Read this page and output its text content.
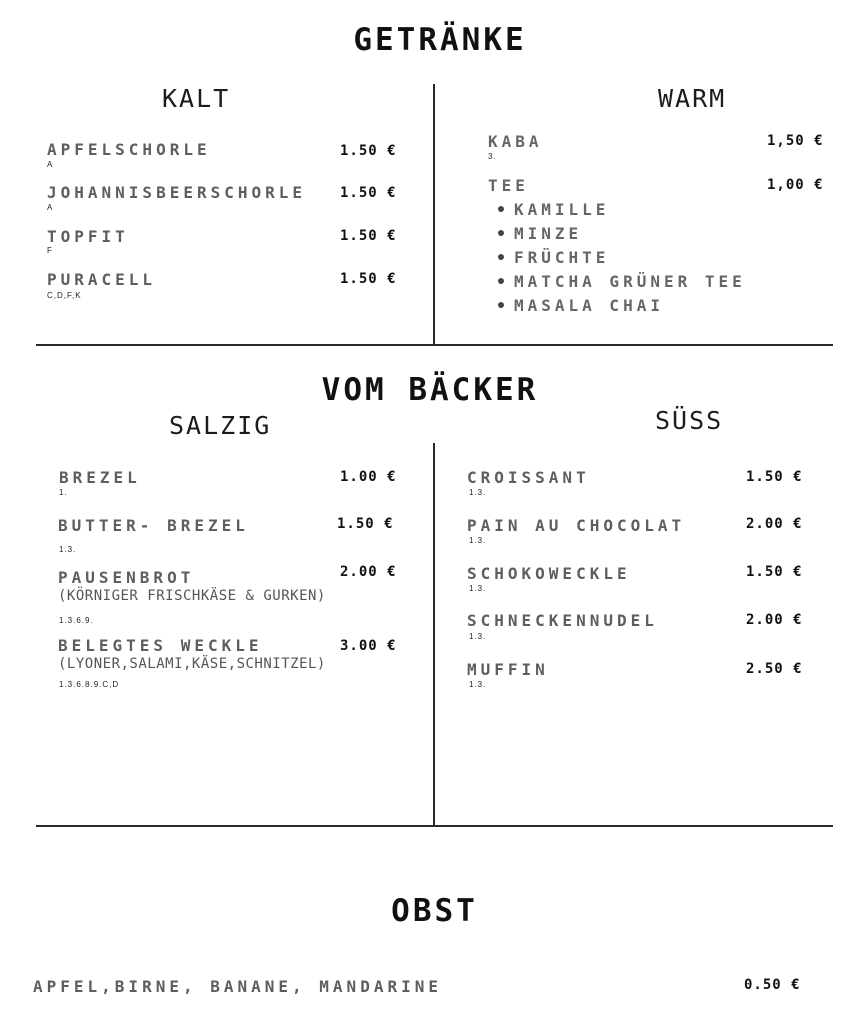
GETRÄNKE
KALT	WARM
APFELSCHORLE
A
1.50 €
JOHANNISBEERSCHORLE
A
1.50 €
TOPFIT
F
1.50 €
PURACELL
C,D,F,K
1.50 €
KABA
3.
1,50 €
TEE	1,00 €
KAMILLE
MINZE
FRÜCHTE
MATCHA GRÜNER TEE
MASALA CHAI
VOM BÄCKER
SALZIG	SÜSS
BREZEL
1.
1.00 €
BUTTER- BREZEL
1.3.
1.50 €
PAUSENBROT
(KÖRNIGER FRISCHKÄSE & GURKEN)
1.3.6.9.
2.00 €
BELEGTES WECKLE
(LYONER,SALAMI,KÄSE,SCHNITZEL)
1.3.6.8.9.C,D
3.00 €
CROISSANT
1.3.
1.50 €
PAIN AU CHOCOLAT
1.3.
2.00 €
SCHOKOWECKLE
1.3.
1.50 €
SCHNECKENNUDEL
1.3.
2.00 €
MUFFIN
1.3.
2.50 €
OBST
APFEL,BIRNE, BANANE, MANDARINE	0.50 €
